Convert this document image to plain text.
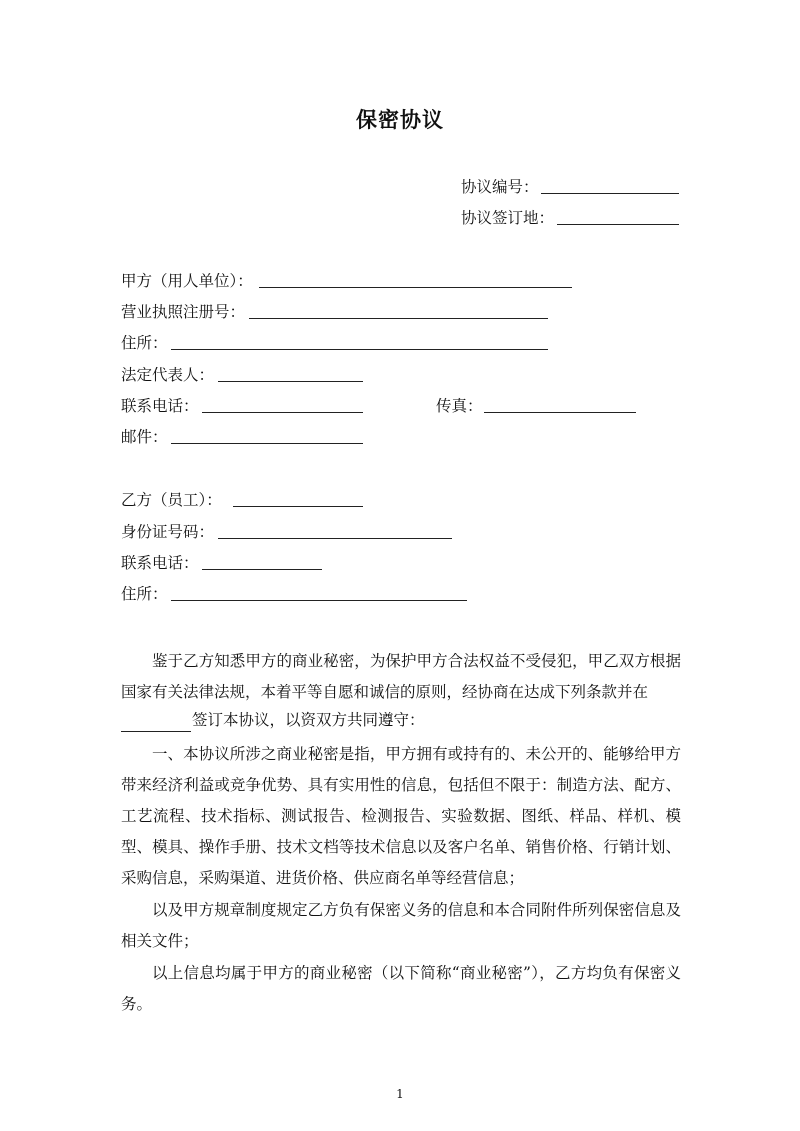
保密协议
协议编号：
协议签订地：
甲方（用人单位）：
营业执照注册号：
住所：
法定代表人：
联系电话：	传真：
邮件：
乙方（员工）：
身份证号码：
联系电话：
住所：
鉴于乙方知悉甲方的商业秘密，为保护甲方合法权益不受侵犯，甲乙双方根据国家有关法律法规，本着平等自愿和诚信的原则，经协商在达成下列条款并在
签订本协议，以资双方共同遵守：
一、本协议所涉之商业秘密是指，甲方拥有或持有的、未公开的、能够给甲方带来经济利益或竞争优势、具有实用性的信息，包括但不限于：制造方法、配方、工艺流程、技术指标、测试报告、检测报告、实验数据、图纸、样品、样机、模型、模具、操作手册、技术文档等技术信息以及客户名单、销售价格、行销计划、采购信息，采购渠道、进货价格、供应商名单等经营信息；
以及甲方规章制度规定乙方负有保密义务的信息和本合同附件所列保密信息及相关文件；
以上信息均属于甲方的商业秘密（以下简称“商业秘密”），乙方均负有保密义务。
1
